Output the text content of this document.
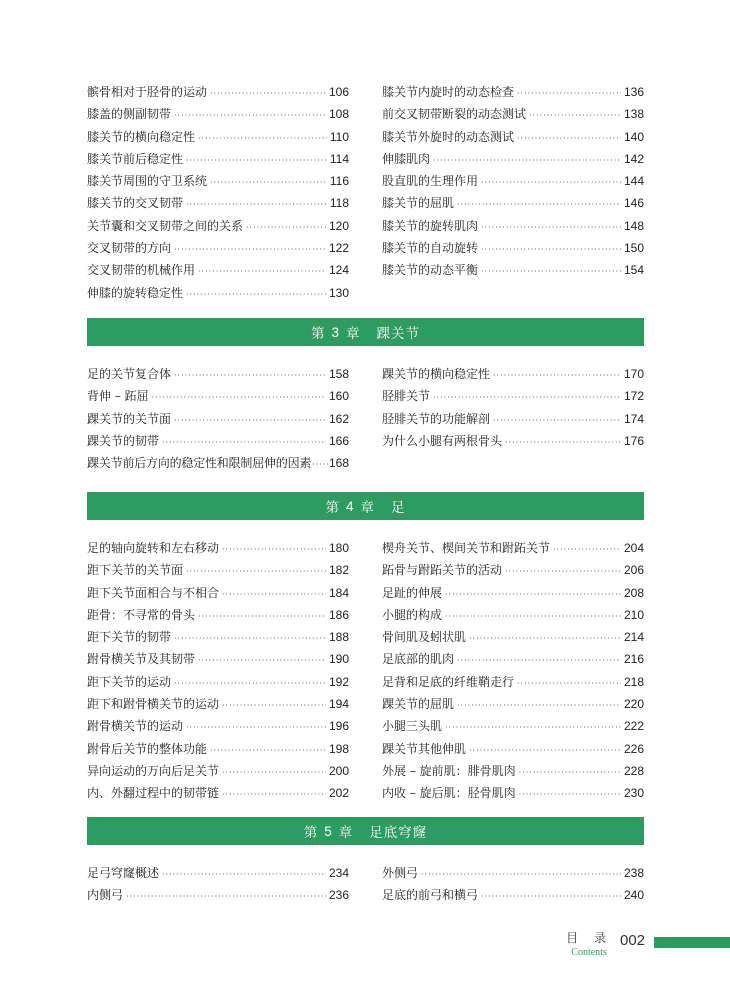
髌骨相对于胫骨的运动 ·····	106
膝盖的侧副韧带 ·····	108
膝关节的横向稳定性 ·····	110
膝关节前后稳定性 ·····	114
膝关节周围的守卫系统 ·····	116
膝关节的交叉韧带 ·····	118
关节囊和交叉韧带之间的关系 ·····	120
交叉韧带的方向 ·····	122
交叉韧带的机械作用 ·····	124
伸膝的旋转稳定性 ·····	130
膝关节内旋时的动态检查 ·····	136
前交叉韧带断裂的动态测试 ·····	138
膝关节外旋时的动态测试 ·····	140
伸膝肌肉 ·····	142
股直肌的生理作用 ·····	144
膝关节的屈肌 ·····	146
膝关节的旋转肌肉 ·····	148
膝关节的自动旋转 ·····	150
膝关节的动态平衡 ·····	154
第 3 章 踝关节
足的关节复合体 ·····	158
背伸 – 跖屈 ·····	160
踝关节的关节面 ·····	162
踝关节的韧带 ·····	166
踝关节前后方向的稳定性和限制屈伸的因素 ····· 168
踝关节的横向稳定性 ·····	170
胫腓关节 ·····	172
胫腓关节的功能解剖 ·····	174
为什么小腿有两根骨头 ·····	176
第 4 章 足
足的轴向旋转和左右移动 ·····	180
距下关节的关节面 ·····	182
距下关节面相合与不相合 ·····	184
距骨：不寻常的骨头 ·····	186
距下关节的韧带 ·····	188
跗骨横关节及其韧带 ·····	190
距下关节的运动 ·····	192
距下和跗骨横关节的运动 ·····	194
跗骨横关节的运动 ·····	196
跗骨后关节的整体功能 ·····	198
异向运动的万向后足关节 ·····	200
内、外翻过程中的韧带链 ·····	202
楔舟关节、楔间关节和跗跖关节 ·····	204
跖骨与跗跖关节的活动 ·····	206
足趾的伸展 ·····	208
小腿的构成 ·····	210
骨间肌及蚓状肌 ·····	214
足底部的肌肉 ·····	216
足背和足底的纤维鞘走行 ·····	218
踝关节的屈肌 ·····	220
小腿三头肌 ·····	222
踝关节其他伸肌 ·····	226
外展 – 旋前肌：腓骨肌肉 ·····	228
内收 – 旋后肌：胫骨肌肉 ·····	230
第 5 章 足底穹窿
足弓穹窿概述 ·····	234
内侧弓 ·····	236
外侧弓 ·····	238
足底的前弓和横弓 ·····	240
目 录
Contents
002
